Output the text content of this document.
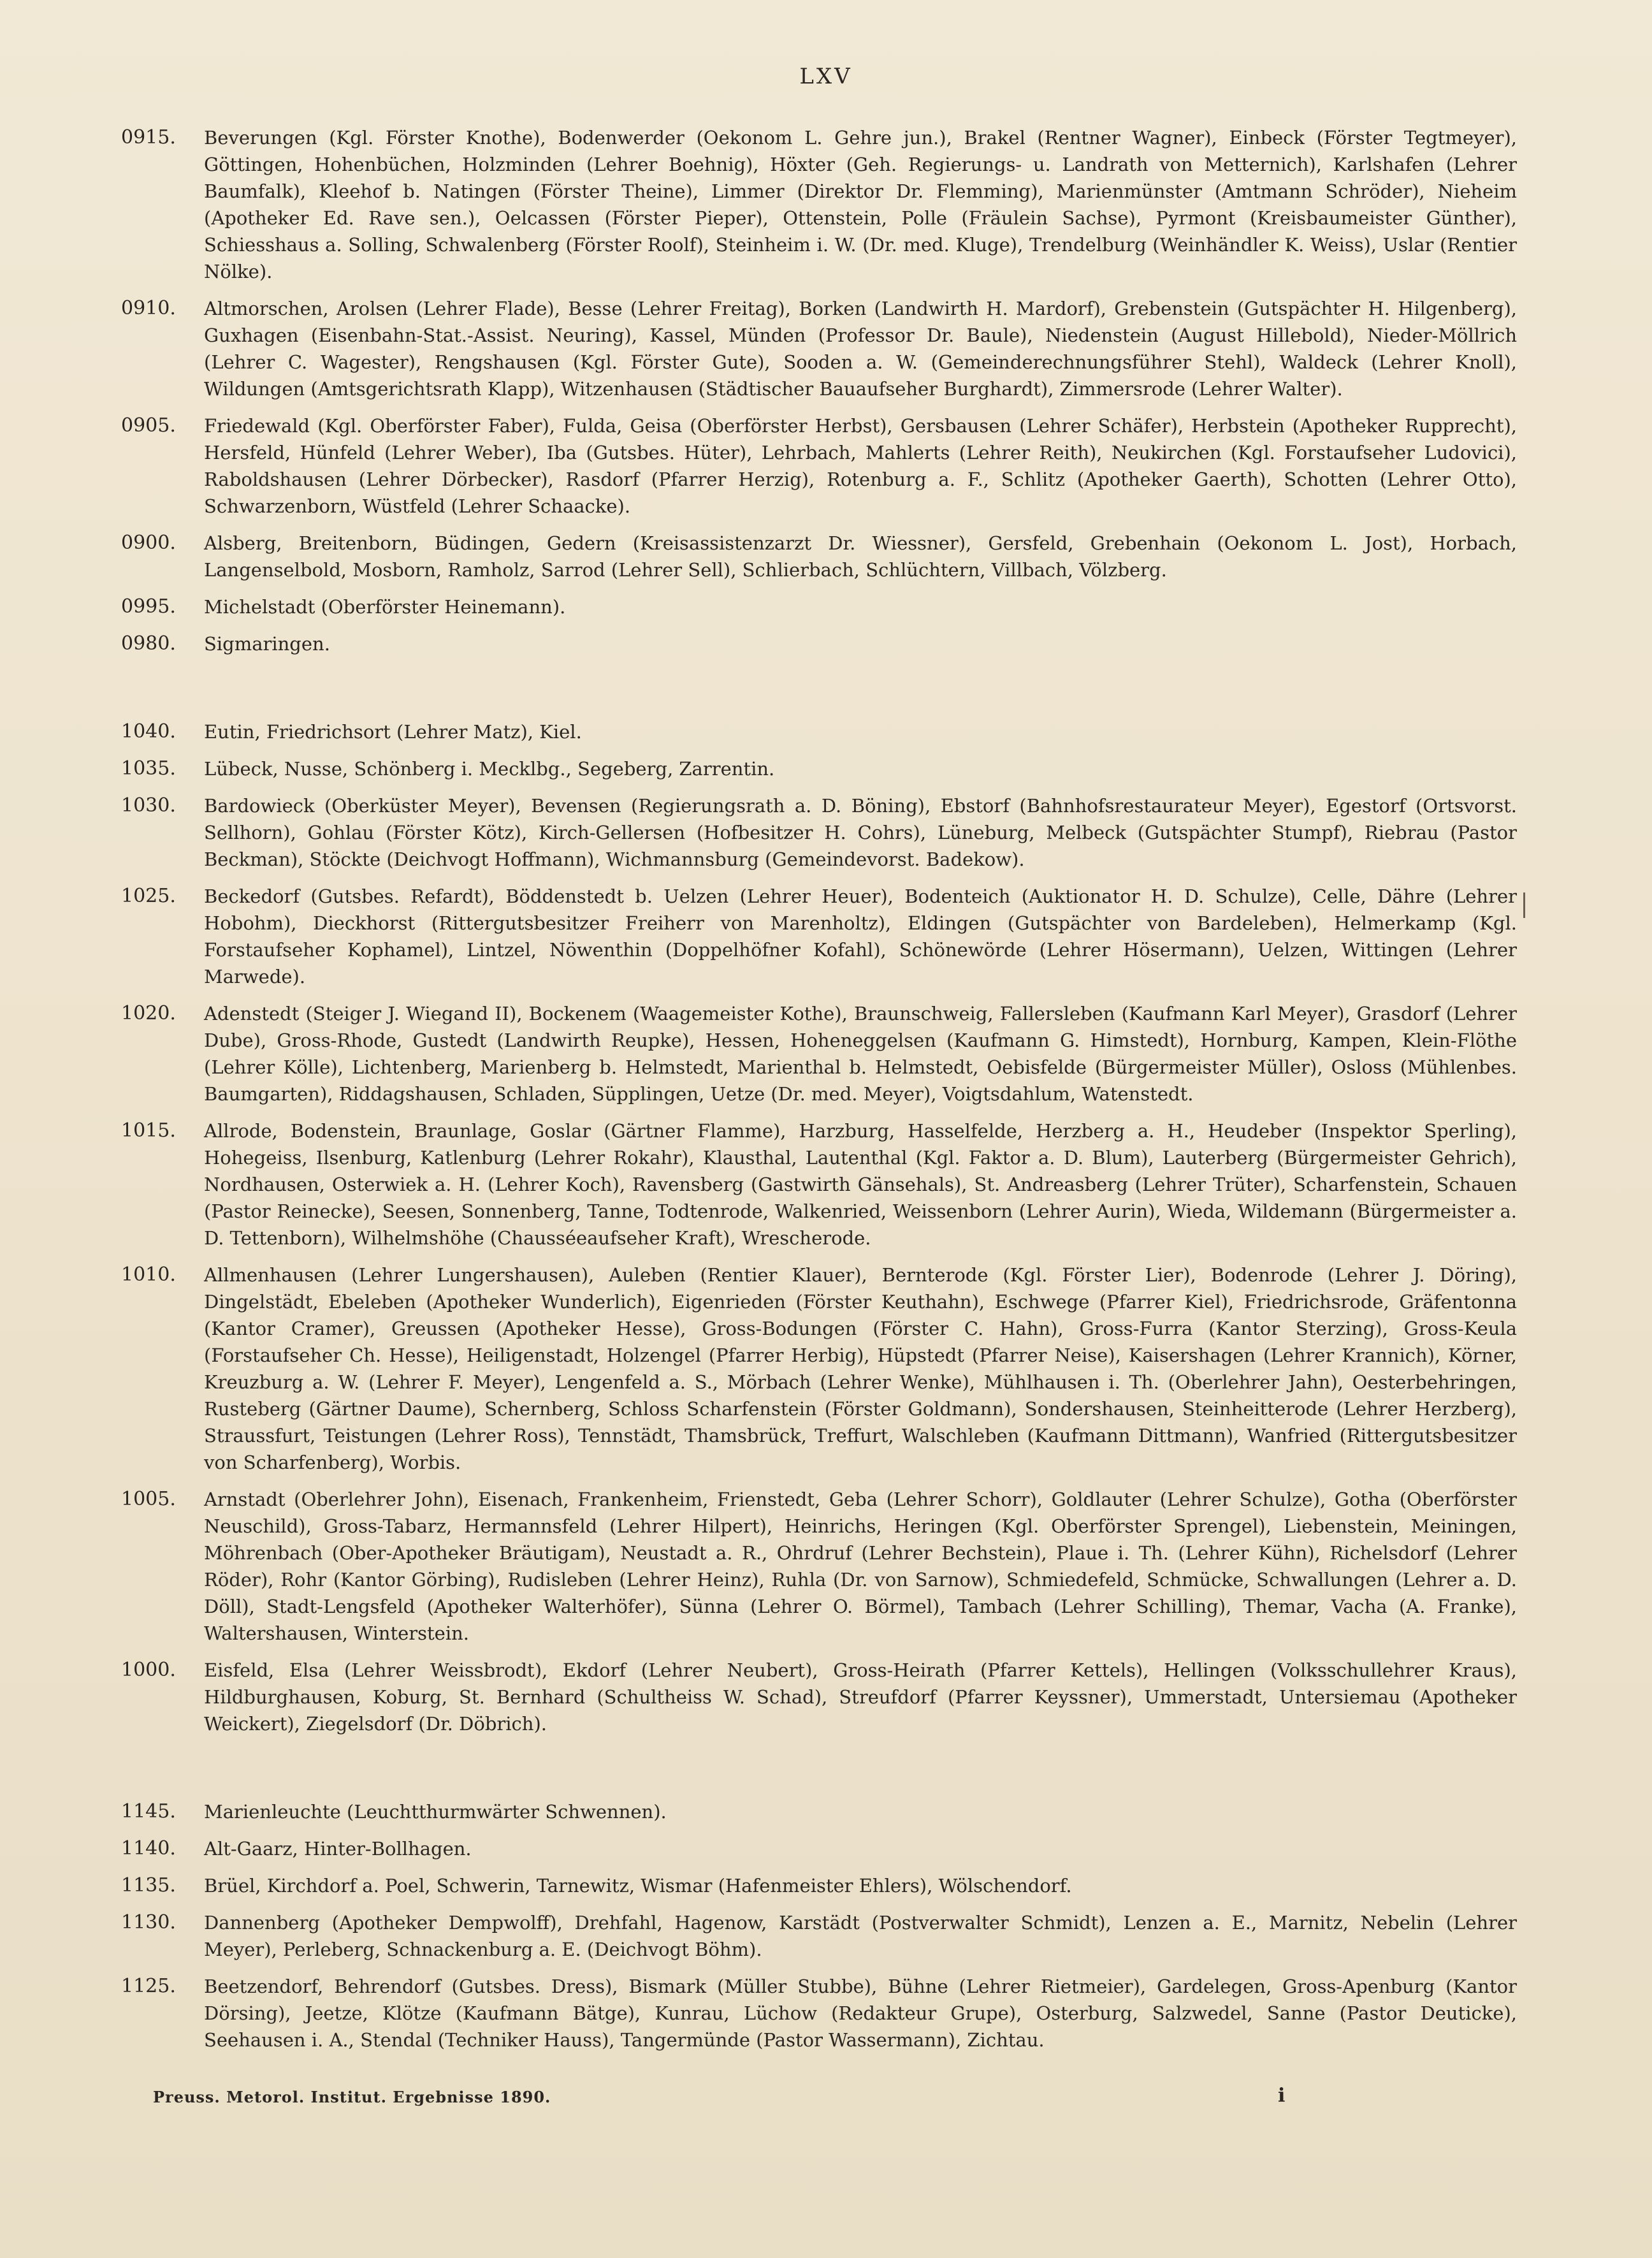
LXV
0915.	Beverungen (Kgl. Förster Knothe), Bodenwerder (Oekonom L. Gehre jun.), Brakel (Rentner Wagner), Einbeck (Förster Tegtmeyer), Göttingen, Hohenbüchen, Holzminden (Lehrer Boehnig), Höxter (Geh. Regierungs- u. Landrath von Metternich), Karlshafen (Lehrer Baumfalk), Kleehof b. Natingen (Förster Theine), Limmer (Direktor Dr. Flemming), Marienmünster (Amtmann Schröder), Nieheim (Apotheker Ed. Rave sen.), Oelcassen (Förster Pieper), Ottenstein, Polle (Fräulein Sachse), Pyrmont (Kreisbaumeister Günther), Schiesshaus a. Solling, Schwalenberg (Förster Roolf), Steinheim i. W. (Dr. med. Kluge), Trendelburg (Weinhändler K. Weiss), Uslar (Rentier Nölke).
0910.	Altmorschen, Arolsen (Lehrer Flade), Besse (Lehrer Freitag), Borken (Landwirth H. Mardorf), Grebenstein (Gutspächter H. Hilgenberg), Guxhagen (Eisenbahn-Stat.-Assist. Neuring), Kassel, Münden (Professor Dr. Baule), Niedenstein (August Hillebold), Nieder-Möllrich (Lehrer C. Wagester), Rengshausen (Kgl. Förster Gute), Sooden a. W. (Gemeinderechnungsführer Stehl), Waldeck (Lehrer Knoll), Wildungen (Amtsgerichtsrath Klapp), Witzenhausen (Städtischer Bauaufseher Burghardt), Zimmersrode (Lehrer Walter).
0905.	Friedewald (Kgl. Oberförster Faber), Fulda, Geisa (Oberförster Herbst), Gersbausen (Lehrer Schäfer), Herbstein (Apotheker Rupprecht), Hersfeld, Hünfeld (Lehrer Weber), Iba (Gutsbes. Hüter), Lehrbach, Mahlerts (Lehrer Reith), Neukirchen (Kgl. Forstaufseher Ludovici), Raboldshausen (Lehrer Dörbecker), Rasdorf (Pfarrer Herzig), Rotenburg a. F., Schlitz (Apotheker Gaerth), Schotten (Lehrer Otto), Schwarzenborn, Wüstfeld (Lehrer Schaacke).
0900.	Alsberg, Breitenborn, Büdingen, Gedern (Kreisassistenzarzt Dr. Wiessner), Gersfeld, Grebenhain (Oekonom L. Jost), Horbach, Langenselbold, Mosborn, Ramholz, Sarrod (Lehrer Sell), Schlierbach, Schlüchtern, Villbach, Völzberg.
0995.	Michelstadt (Oberförster Heinemann).
0980.	Sigmaringen.
1040.	Eutin, Friedrichsort (Lehrer Matz), Kiel.
1035.	Lübeck, Nusse, Schönberg i. Mecklbg., Segeberg, Zarrentin.
1030.	Bardowieck (Oberküster Meyer), Bevensen (Regierungsrath a. D. Böning), Ebstorf (Bahnhofsrestaurateur Meyer), Egestorf (Ortsvorst. Sellhorn), Gohlau (Förster Kötz), Kirch-Gellersen (Hofbesitzer H. Cohrs), Lüneburg, Melbeck (Gutspächter Stumpf), Riebrau (Pastor Beckman), Stöckte (Deichvogt Hoffmann), Wichmannsburg (Gemeindevorst. Badekow).
1025.	Beckedorf (Gutsbes. Refardt), Böddenstedt b. Uelzen (Lehrer Heuer), Bodenteich (Auktionator H. D. Schulze), Celle, Dähre (Lehrer Hobohm), Dieckhorst (Rittergutsbesitzer Freiherr von Marenholtz), Eldingen (Gutspächter von Bardeleben), Helmerkamp (Kgl. Forstaufseher Kophamel), Lintzel, Nöwenthin (Doppelhöfner Kofahl), Schönewörde (Lehrer Hösermann), Uelzen, Wittingen (Lehrer Marwede).
1020.	Adenstedt (Steiger J. Wiegand II), Bockenem (Waagemeister Kothe), Braunschweig, Fallersleben (Kaufmann Karl Meyer), Grasdorf (Lehrer Dube), Gross-Rhode, Gustedt (Landwirth Reupke), Hessen, Hoheneggelsen (Kaufmann G. Himstedt), Hornburg, Kampen, Klein-Flöthe (Lehrer Kölle), Lichtenberg, Marienberg b. Helmstedt, Marienthal b. Helmstedt, Oebisfelde (Bürgermeister Müller), Osloss (Mühlenbes. Baumgarten), Riddagshausen, Schladen, Süpplingen, Uetze (Dr. med. Meyer), Voigtsdahlum, Watenstedt.
1015.	Allrode, Bodenstein, Braunlage, Goslar (Gärtner Flamme), Harzburg, Hasselfelde, Herzberg a. H., Heudeber (Inspektor Sperling), Hohegeiss, Ilsenburg, Katlenburg (Lehrer Rokahr), Klausthal, Lautenthal (Kgl. Faktor a. D. Blum), Lauterberg (Bürgermeister Gehrich), Nordhausen, Osterwiek a. H. (Lehrer Koch), Ravensberg (Gastwirth Gänsehals), St. Andreasberg (Lehrer Trüter), Scharfenstein, Schauen (Pastor Reinecke), Seesen, Sonnenberg, Tanne, Todtenrode, Walkenried, Weissenborn (Lehrer Aurin), Wieda, Wildemann (Bürgermeister a. D. Tettenborn), Wilhelmshöhe (Chausséeaufseher Kraft), Wrescherode.
1010.	Allmenhausen (Lehrer Lungershausen), Auleben (Rentier Klauer), Bernterode (Kgl. Förster Lier), Bodenrode (Lehrer J. Döring), Dingelstädt, Ebeleben (Apotheker Wunderlich), Eigenrieden (Förster Keuthahn), Eschwege (Pfarrer Kiel), Friedrichsrode, Gräfentonna (Kantor Cramer), Greussen (Apotheker Hesse), Gross-Bodungen (Förster C. Hahn), Gross-Furra (Kantor Sterzing), Gross-Keula (Forstaufseher Ch. Hesse), Heiligenstadt, Holzengel (Pfarrer Herbig), Hüpstedt (Pfarrer Neise), Kaisershagen (Lehrer Krannich), Körner, Kreuzburg a. W. (Lehrer F. Meyer), Lengenfeld a. S., Mörbach (Lehrer Wenke), Mühlhausen i. Th. (Oberlehrer Jahn), Oesterbehringen, Rusteberg (Gärtner Daume), Schernberg, Schloss Scharfenstein (Förster Goldmann), Sondershausen, Steinheitterode (Lehrer Herzberg), Straussfurt, Teistungen (Lehrer Ross), Tennstädt, Thamsbrück, Treffurt, Walschleben (Kaufmann Dittmann), Wanfried (Rittergutsbesitzer von Scharfenberg), Worbis.
1005.	Arnstadt (Oberlehrer John), Eisenach, Frankenheim, Frienstedt, Geba (Lehrer Schorr), Goldlauter (Lehrer Schulze), Gotha (Oberförster Neuschild), Gross-Tabarz, Hermannsfeld (Lehrer Hilpert), Heinrichs, Heringen (Kgl. Oberförster Sprengel), Liebenstein, Meiningen, Möhrenbach (Ober-Apotheker Bräutigam), Neustadt a. R., Ohrdruf (Lehrer Bechstein), Plaue i. Th. (Lehrer Kühn), Richelsdorf (Lehrer Röder), Rohr (Kantor Görbing), Rudisleben (Lehrer Heinz), Ruhla (Dr. von Sarnow), Schmiedefeld, Schmücke, Schwallungen (Lehrer a. D. Döll), Stadt-Lengsfeld (Apotheker Walterhöfer), Sünna (Lehrer O. Börmel), Tambach (Lehrer Schilling), Themar, Vacha (A. Franke), Waltershausen, Winterstein.
1000.	Eisfeld, Elsa (Lehrer Weissbrodt), Ekdorf (Lehrer Neubert), Gross-Heirath (Pfarrer Kettels), Hellingen (Volksschullehrer Kraus), Hildburghausen, Koburg, St. Bernhard (Schultheiss W. Schad), Streufdorf (Pfarrer Keyssner), Ummerstadt, Untersiemau (Apotheker Weickert), Ziegelsdorf (Dr. Döbrich).
1145.	Marienleuchte (Leuchtthurmwärter Schwennen).
1140.	Alt-Gaarz, Hinter-Bollhagen.
1135.	Brüel, Kirchdorf a. Poel, Schwerin, Tarnewitz, Wismar (Hafenmeister Ehlers), Wölschendorf.
1130.	Dannenberg (Apotheker Dempwolff), Drehfahl, Hagenow, Karstädt (Postverwalter Schmidt), Lenzen a. E., Marnitz, Nebelin (Lehrer Meyer), Perleberg, Schnackenburg a. E. (Deichvogt Böhm).
1125.	Beetzendorf, Behrendorf (Gutsbes. Dress), Bismark (Müller Stubbe), Bühne (Lehrer Rietmeier), Gardelegen, Gross-Apenburg (Kantor Dörsing), Jeetze, Klötze (Kaufmann Bätge), Kunrau, Lüchow (Redakteur Grupe), Osterburg, Salzwedel, Sanne (Pastor Deuticke), Seehausen i. A., Stendal (Techniker Hauss), Tangermünde (Pastor Wassermann), Zichtau.
Preuss. Metorol. Institut. Ergebnisse 1890.	i
